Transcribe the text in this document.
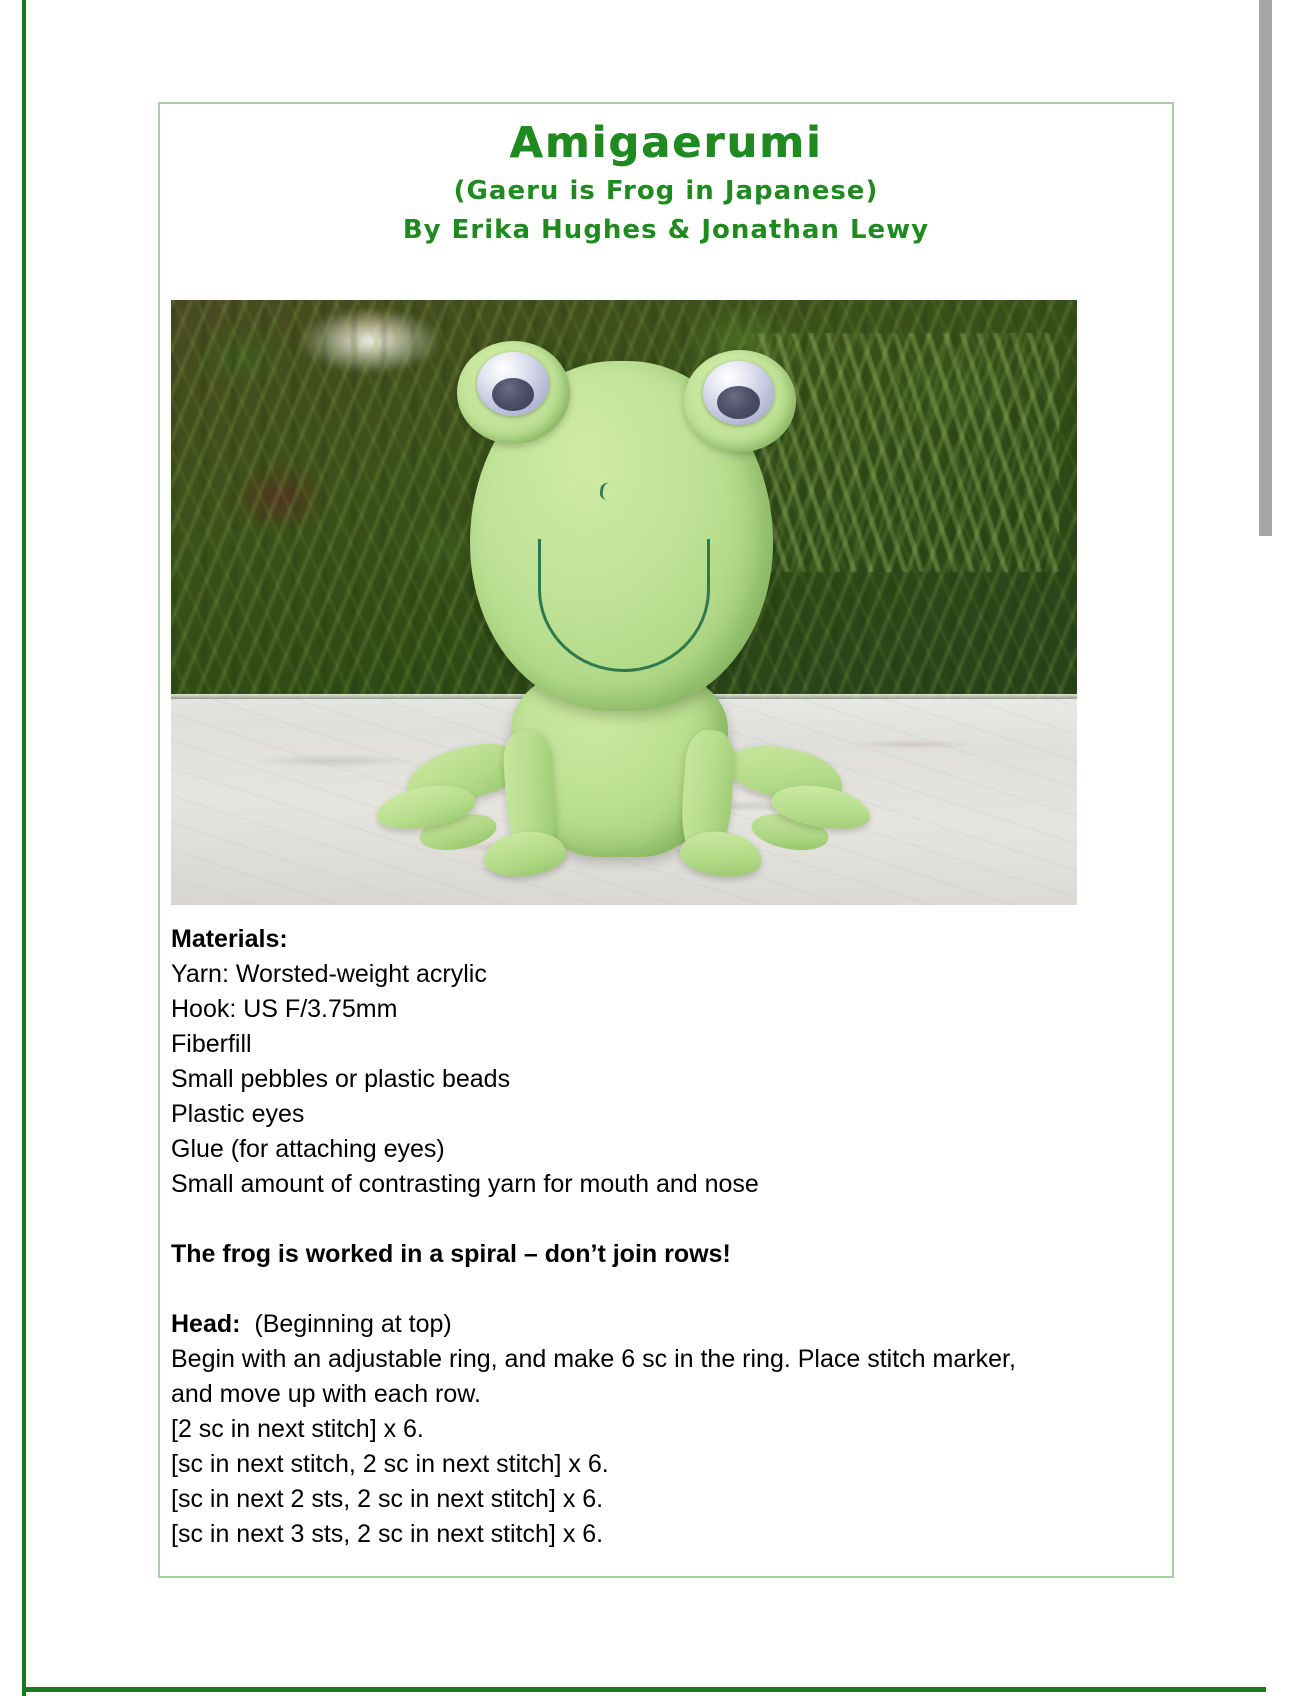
Amigaerumi
(Gaeru is Frog in Japanese)
By Erika Hughes & Jonathan Lewy

Materials:

Yarn: Worsted-weight acrylic

Hook: US F/3.75mm

Fiberfill

Small pebbles or plastic beads

Plastic eyes

Glue (for attaching eyes)

Small amount of contrasting yarn for mouth and nose

The frog is worked in a spiral – don’t join rows!

Head: (Beginning at top)

Begin with an adjustable ring, and make 6 sc in the ring. Place stitch marker,

and move up with each row.

[2 sc in next stitch] x 6.

[sc in next stitch, 2 sc in next stitch] x 6.

[sc in next 2 sts, 2 sc in next stitch] x 6.

[sc in next 3 sts, 2 sc in next stitch] x 6.
